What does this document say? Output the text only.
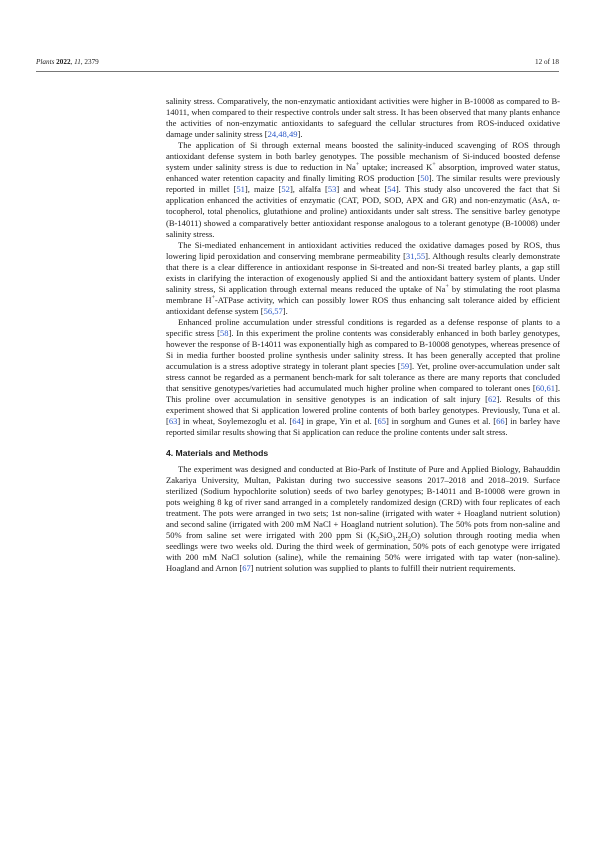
Plants 2022, 11, 2379	12 of 18

salinity stress. Comparatively, the non-enzymatic antioxidant activities were higher in B-10008 as compared to B-14011, when compared to their respective controls under salt stress. It has been observed that many plants enhance the activities of non-enzymatic antioxidants to safeguard the cellular structures from ROS-induced oxidative damage under salinity stress [24,48,49].

The application of Si through external means boosted the salinity-induced scavenging of ROS through antioxidant defense system in both barley genotypes. The possible mechanism of Si-induced boosted defense system under salinity stress is due to reduction in Na+ uptake; increased K+ absorption, improved water status, enhanced water retention capacity and finally limiting ROS production [50]. The similar results were previously reported in millet [51], maize [52], alfalfa [53] and wheat [54]. This study also uncovered the fact that Si application enhanced the activities of enzymatic (CAT, POD, SOD, APX and GR) and non-enzymatic (AsA, α-tocopherol, total phenolics, glutathione and proline) antioxidants under salt stress. The sensitive barley genotype (B-14011) showed a comparatively better antioxidant response analogous to a tolerant genotype (B-10008) under salinity stress.

The Si-mediated enhancement in antioxidant activities reduced the oxidative damages posed by ROS, thus lowering lipid peroxidation and conserving membrane permeability [31,55]. Although results clearly demonstrate that there is a clear difference in antioxidant response in Si-treated and non-Si treated barley plants, a gap still exists in clarifying the interaction of exogenously applied Si and the antioxidant battery system of plants. Under salinity stress, Si application through external means reduced the uptake of Na+ by stimulating the root plasma membrane H+-ATPase activity, which can possibly lower ROS thus enhancing salt tolerance aided by efficient antioxidant defense system [56,57].

Enhanced proline accumulation under stressful conditions is regarded as a defense response of plants to a specific stress [58]. In this experiment the proline contents was considerably enhanced in both barley genotypes, however the response of B-14011 was exponentially high as compared to B-10008 genotypes, whereas presence of Si in media further boosted proline synthesis under salinity stress. It has been generally accepted that proline accumulation is a stress adoptive strategy in tolerant plant species [59]. Yet, proline over-accumulation under salt stress cannot be regarded as a permanent bench-mark for salt tolerance as there are many reports that concluded that sensitive genotypes/varieties had accumulated much higher proline when compared to tolerant ones [60,61]. This proline over accumulation in sensitive genotypes is an indication of salt injury [62]. Results of this experiment showed that Si application lowered proline contents of both barley genotypes. Previously, Tuna et al. [63] in wheat, Soylemezoglu et al. [64] in grape, Yin et al. [65] in sorghum and Gunes et al. [66] in barley have reported similar results showing that Si application can reduce the proline contents under salt stress.

4. Materials and Methods

The experiment was designed and conducted at Bio-Park of Institute of Pure and Applied Biology, Bahauddin Zakariya University, Multan, Pakistan during two successive seasons 2017–2018 and 2018–2019. Surface sterilized (Sodium hypochlorite solution) seeds of two barley genotypes; B-14011 and B-10008 were grown in pots weighing 8 kg of river sand arranged in a completely randomized design (CRD) with four replicates of each treatment. The pots were arranged in two sets; 1st non-saline (irrigated with water + Hoagland nutrient solution) and second saline (irrigated with 200 mM NaCl + Hoagland nutrient solution). The 50% pots from non-saline and 50% from saline set were irrigated with 200 ppm Si $(K_2SiO_3.2H_2O)$ solution through rooting media when seedlings were two weeks old. During the third week of germination, 50% pots of each genotype were irrigated with 200 mM NaCl solution (saline), while the remaining 50% were irrigated with tap water (non-saline). Hoagland and Arnon [67] nutrient solution was supplied to plants to fulfill their nutrient requirements.
